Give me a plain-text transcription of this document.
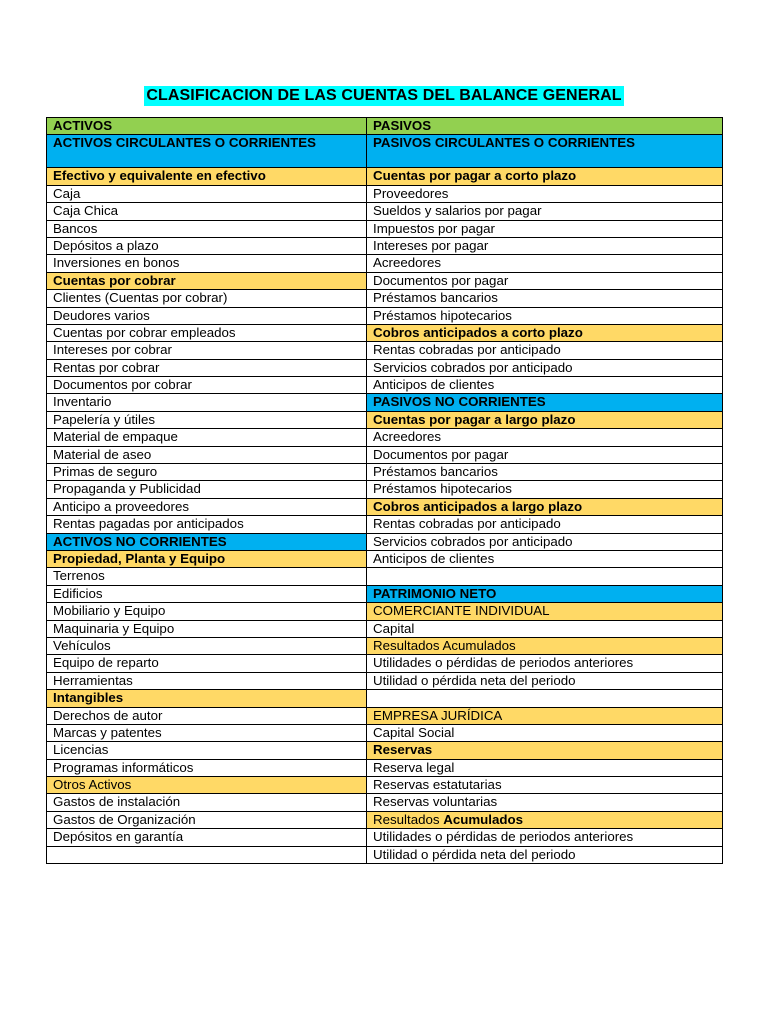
CLASIFICACION DE LAS CUENTAS DEL BALANCE GENERAL
ACTIVOS	PASIVOS
ACTIVOS CIRCULANTES O CORRIENTES	PASIVOS CIRCULANTES O CORRIENTES
Efectivo y equivalente en efectivo	Cuentas por pagar a corto plazo
Caja	Proveedores
Caja Chica	Sueldos y salarios por pagar
Bancos	Impuestos por pagar
Depósitos a plazo	Intereses por pagar
Inversiones en bonos	Acreedores
Cuentas por cobrar	Documentos por pagar
Clientes (Cuentas por cobrar)	Préstamos bancarios
Deudores varios	Préstamos hipotecarios
Cuentas por cobrar empleados	Cobros anticipados a corto plazo
Intereses por cobrar	Rentas cobradas por anticipado
Rentas por cobrar	Servicios cobrados por anticipado
Documentos por cobrar	Anticipos de clientes
Inventario	PASIVOS NO CORRIENTES
Papelería y útiles	Cuentas por pagar a largo plazo
Material de empaque	Acreedores
Material de aseo	Documentos por pagar
Primas de seguro	Préstamos bancarios
Propaganda y Publicidad	Préstamos hipotecarios
Anticipo a proveedores	Cobros anticipados a largo plazo
Rentas pagadas por anticipados	Rentas cobradas por anticipado
ACTIVOS NO CORRIENTES	Servicios cobrados por anticipado
Propiedad, Planta y Equipo	Anticipos de clientes
Terrenos	
Edificios	PATRIMONIO NETO
Mobiliario y Equipo	COMERCIANTE INDIVIDUAL
Maquinaria y Equipo	Capital
Vehículos	Resultados Acumulados
Equipo de reparto	Utilidades o pérdidas de periodos anteriores
Herramientas	Utilidad o pérdida neta del periodo
Intangibles	
Derechos de autor	EMPRESA JURÍDICA
Marcas y patentes	Capital Social
Licencias	Reservas
Programas informáticos	Reserva legal
Otros Activos	Reservas estatutarias
Gastos de instalación	Reservas voluntarias
Gastos de Organización	Resultados Acumulados
Depósitos en garantía	Utilidades o pérdidas de periodos anteriores
	Utilidad o pérdida neta del periodo
